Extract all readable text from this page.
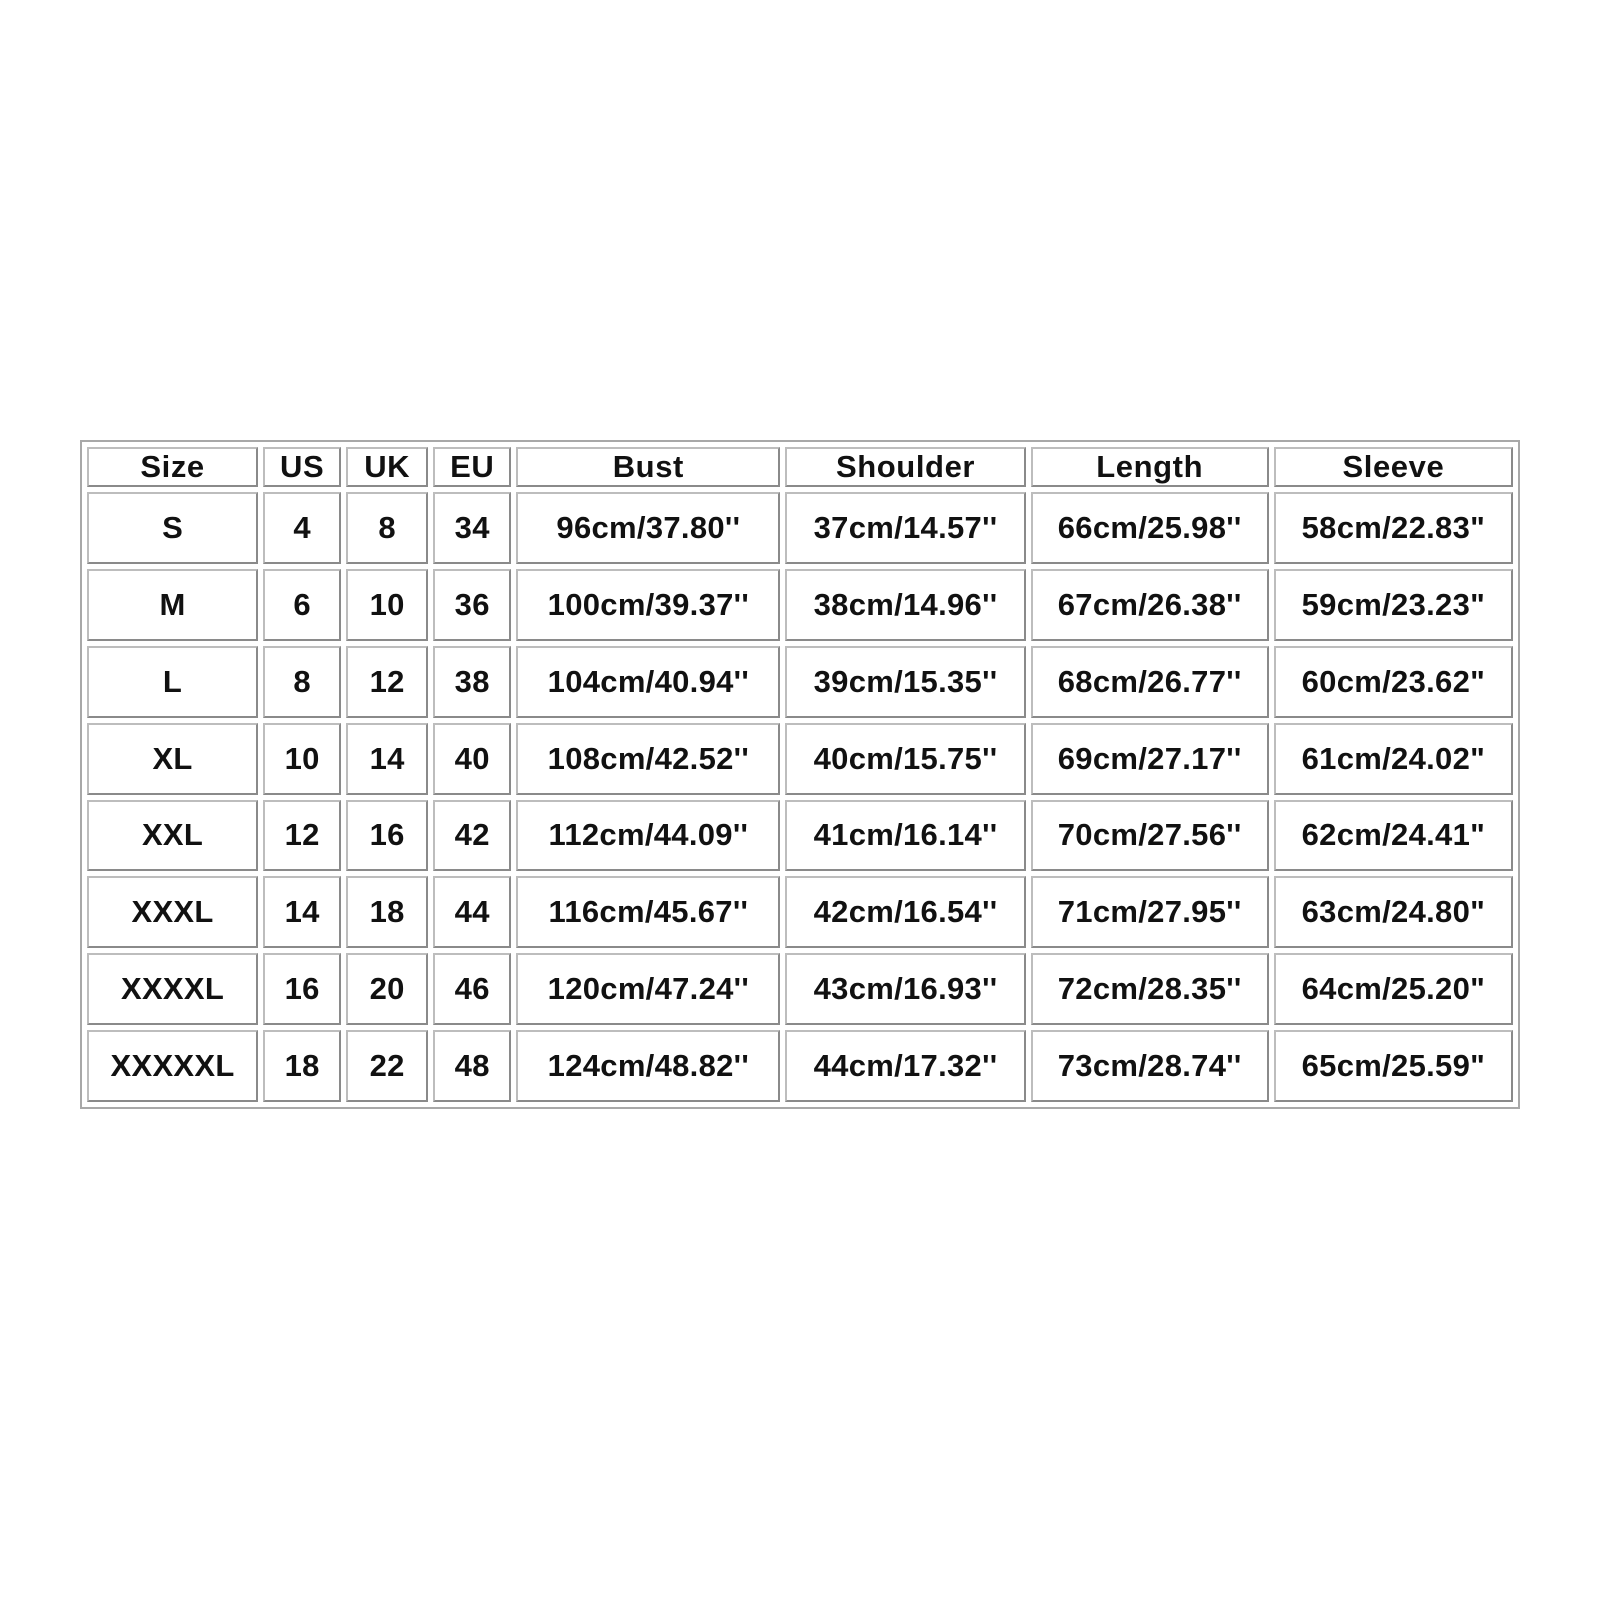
Size	US	UK	EU	Bust	Shoulder	Length	Sleeve
S	4	8	34	96cm/37.80''	37cm/14.57''	66cm/25.98''	58cm/22.83"
M	6	10	36	100cm/39.37''	38cm/14.96''	67cm/26.38''	59cm/23.23"
L	8	12	38	104cm/40.94''	39cm/15.35''	68cm/26.77''	60cm/23.62"
XL	10	14	40	108cm/42.52''	40cm/15.75''	69cm/27.17''	61cm/24.02"
XXL	12	16	42	112cm/44.09''	41cm/16.14''	70cm/27.56''	62cm/24.41"
XXXL	14	18	44	116cm/45.67''	42cm/16.54''	71cm/27.95''	63cm/24.80"
XXXXL	16	20	46	120cm/47.24''	43cm/16.93''	72cm/28.35''	64cm/25.20"
XXXXXL	18	22	48	124cm/48.82''	44cm/17.32''	73cm/28.74''	65cm/25.59"
